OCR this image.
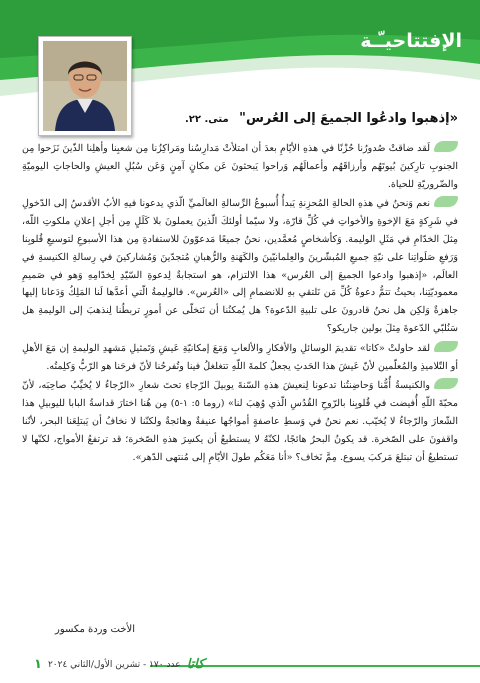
الإفتتاحيـّـة
«إذهبوا وادعُوا الجميعَ إلى العُرس" متى. ٢٢.

لَقد ضاقتْ صُدورُنا حُزْنًا في هذهِ الأيّامِ بعدَ أن امتلأتْ مَدارِسُنا ومَراكِزُنا مِن شعبِنا وأهلِنا الذّينَ نَزَحوا مِن الجنوبِ تارِكينَ بُيوتَهُم وأرزاقَهُم وأعمالَهُم وَراحوا يَبحثونَ عَن مكانٍ آمِنٍ وَعَن سُبُلِ العيشِ والحاجاتِ اليوميّةِ والضّروريّةِ للحياة.

نعم وَنحنُ في هذهِ الحالةِ المُحزِنةِ يَبدأُ أُسبوعُ الرِّسالةِ العالَميِّ الّذي يدعونا فيهِ الأبُ الأقدسُ إلى الدّخولِ في شَرِكةٍ مَعَ الإخوةِ والأخواتِ في كُلِّ قارّة، ولا سيّما أولئكَ الّذينَ يعملونَ بلا كَلَلٍ مِن أجلِ إعلانِ ملكوتِ اللّه، مِثلَ الخدّامِ في مَثَلِ الوليمة. وَكأشخاصٍ مُعمَّدين، نحنُ جميعًا مَدعوّونَ للاستفادةِ مِن هذا الأسبوعِ لتوسيعِ قُلوبِنا وَرَفعِ صَلَواتِنا على نيّةِ جميعِ المُبشّرينَ والعِلمانيّينَ والكَهَنةِ والرُّهبانِ مُتجدّينَ وَمُشاركينَ في رِسالةِ الكنيسةِ في العالَم، «إذهبوا وادعوا الجميعَ إلى العُرس» هذا الالتزام، هو استجابةٌ لِدعوةِ السّيّدِ لِخدّامِهِ وَهو في صَميمِ معموديّتِنا، بحيثُ تتمُّ دعوةُ كُلِّ مَن نَلتقي بهِ للانضمامِ إلى «العُرس». فالوليمةُ الّتي أعدَّها لَنا المَلِكُ وَدَعانا إليها جاهزةٌ وَلكِن هل نحنُ قادرونَ على تلبيةِ الدّعوة؟ هل يُمكنُنا أن نَتخلّى عن أمورٍ تربطُنا لِنذهبَ إلى الوليمةِ هل سَنُلبّي الدّعوةَ مِثلَ بولين جاريكو؟

لقد حاولتْ «كاتا» تقديمَ الوسائلِ والأفكارِ والألعابِ وَمَعَ إمكانيّةِ عَيشِ وَتَمثيلِ مَشهدِ الوليمةِ إن مَعَ الأهلِ أو التّلاميذِ والمُعلّمين لأنّ عَيشَ هذا الحَدثِ يجعلُ كلمةَ اللّهِ تتغلغلُ فينا وتُفرحُنا لأنّ فرحَنا هو الرّبُّ وَكلِمتُه.

والكنيسةُ أُمُّنا وَحاضِنتُنا تدعونا لِنعيشَ هذهِ السّنةَ يوبيلَ الرّجاءِ تحتَ شعارِ «الرّجاءُ لا يُخيِّبُ صاحِبَه، لأنّ محبّةَ اللّهِ أُفيضت في قُلوبِنا بالرّوحِ القُدُسِ الّذي وُهِبَ لنا» (روما ٥: ١-٥) مِن هُنا اختارَ قداسةُ البابا لليوبيلِ هذا الشّعارَ والرّجاءُ لا يُخيّب. نعم نحنُ في وَسطِ عاصفةٍ أمواجُها عنيفةٌ وهائجةٌ ولكنّنا لا نخافُ أن يَبتلِعَنا البحر، لأنّنا واقفونَ على الصّخرة. قد يكونُ البحرُ هائجًا، لكنّهُ لا يستطيعُ أن يكسِرَ هذهِ الصّخرة؛ قد ترتفعُ الأمواج، لكنّها لا تستطيعُ أن تبتلعَ مَركبَ يسوع. مِمَّ نَخاف؟ «أنا مَعَكُم طولَ الأيّامِ إلى مُنتهى الدّهر».

الأخت وردة مكسور
١ عدد ١٧٠ - تشرين الأول/الثاني ٢٠٢٤ كاتا
